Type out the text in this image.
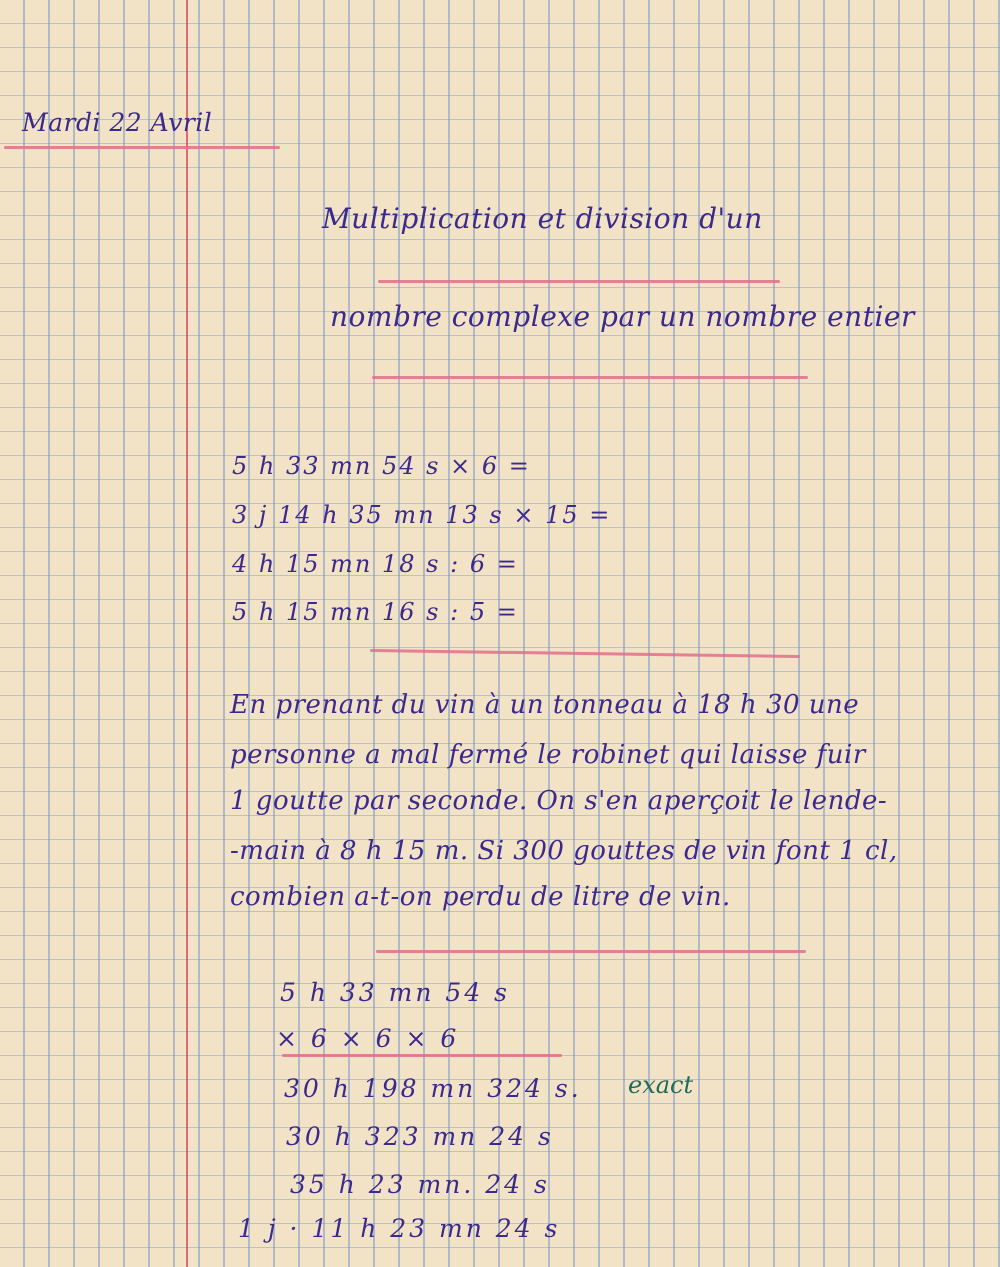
Mardi 22 Avril
Multiplication et division d'un
nombre complexe par un nombre entier
5 h 33 mn 54 s × 6 =
3 j 14 h 35 mn 13 s × 15 =
4 h 15 mn 18 s : 6 =
5 h 15 mn 16 s : 5 =
En prenant du vin à un tonneau à 18 h 30 une
personne a mal fermé le robinet qui laisse fuir
1 goutte par seconde. On s'en aperçoit le lende-
-main à 8 h 15 m. Si 300 gouttes de vin font 1 cl,
combien a-t-on perdu de litre de vin.
5 h 33 mn 54 s
× 6 × 6 × 6
30 h 198 mn 324 s. exact
30 h 323 mn 24 s
35 h 23 mn. 24 s
1 j · 11 h 23 mn 24 s
